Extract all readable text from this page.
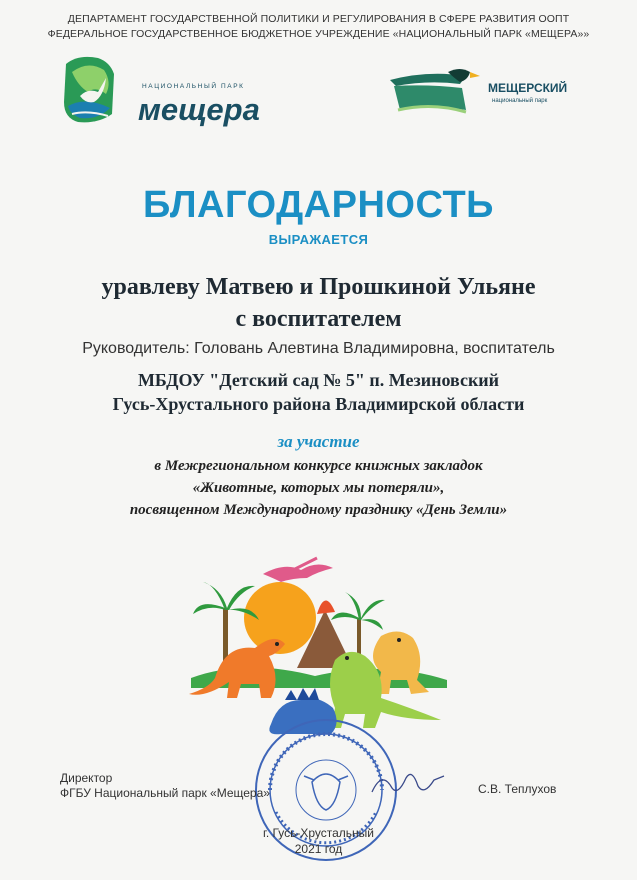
ДЕПАРТАМЕНТ ГОСУДАРСТВЕННОЙ ПОЛИТИКИ И РЕГУЛИРОВАНИЯ В СФЕРЕ РАЗВИТИЯ ООПТ
ФЕДЕРАЛЬНОЕ ГОСУДАРСТВЕННОЕ БЮДЖЕТНОЕ УЧРЕЖДЕНИЕ «НАЦИОНАЛЬНЫЙ ПАРК «МЕЩЕРА»»
НАЦИОНАЛЬНЫЙ ПАРК
мещера
МЕЩЕРСКИЙ
национальный парк
БЛАГОДАРНОСТЬ
ВЫРАЖАЕТСЯ
уравлеву Матвею и Прошкиной Ульяне
с воспитателем
Руководитель: Головань Алевтина Владимировна, воспитатель
МБДОУ "Детский сад № 5" п. Мезиновский
Гусь-Хрустального района Владимирской области
за участие
в Межрегиональном конкурсе книжных закладок
«Животные, которых мы потеряли»,
посвященном Международному празднику «День Земли»
Директор
ФГБУ Национальный парк «Мещера»	С.В. Теплухов
г. Гусь-Хрустальный
2021 год
